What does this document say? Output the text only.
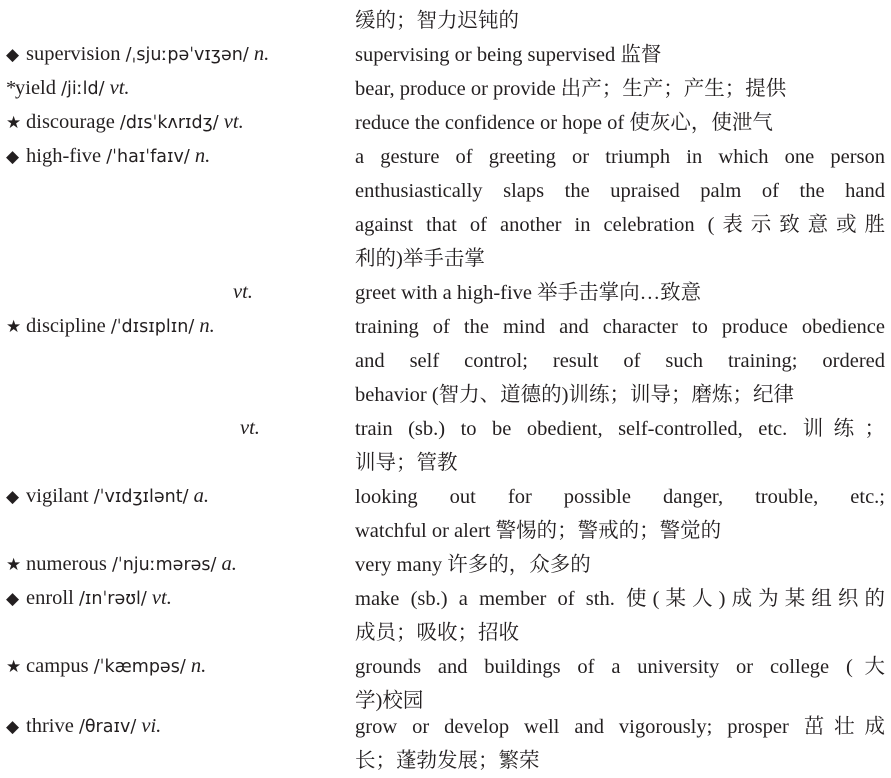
缓的；智力迟钝的
◆ supervision /ˌsjuːpəˈvɪʒən/ n.	supervising or being supervised 监督
*yield /jiːld/ vt.	bear, produce or provide 出产；生产；产生；提供
★ discourage /dɪsˈkʌrɪdʒ/ vt.	reduce the confidence or hope of 使灰心，使泄气
◆ high-five /ˈhaɪˈfaɪv/ n.	a gesture of greeting or triumph in which one person
enthusiastically slaps the upraised palm of the hand
against that of another in celebration (表示致意或胜
利的)举手击掌
vt.	greet with a high-five 举手击掌向…致意
★ discipline /ˈdɪsɪplɪn/ n.	training of the mind and character to produce obedience
and self control; result of such training; ordered
behavior (智力、道德的)训练；训导；磨炼；纪律
vt.	train (sb.) to be obedient, self-controlled, etc. 训练；
训导；管教
◆ vigilant /ˈvɪdʒɪlənt/ a.	looking out for possible danger, trouble, etc.;
watchful or alert 警惕的；警戒的；警觉的
★ numerous /ˈnjuːmərəs/ a.	very many 许多的，众多的
◆ enroll /ɪnˈrəʊl/ vt.	make (sb.) a member of sth. 使(某人)成为某组织的
成员；吸收；招收
★ campus /ˈkæmpəs/ n.	grounds and buildings of a university or college (大
学)校园
◆ thrive /θraɪv/ vi.	grow or develop well and vigorously; prosper 茁壮成
长；蓬勃发展；繁荣
